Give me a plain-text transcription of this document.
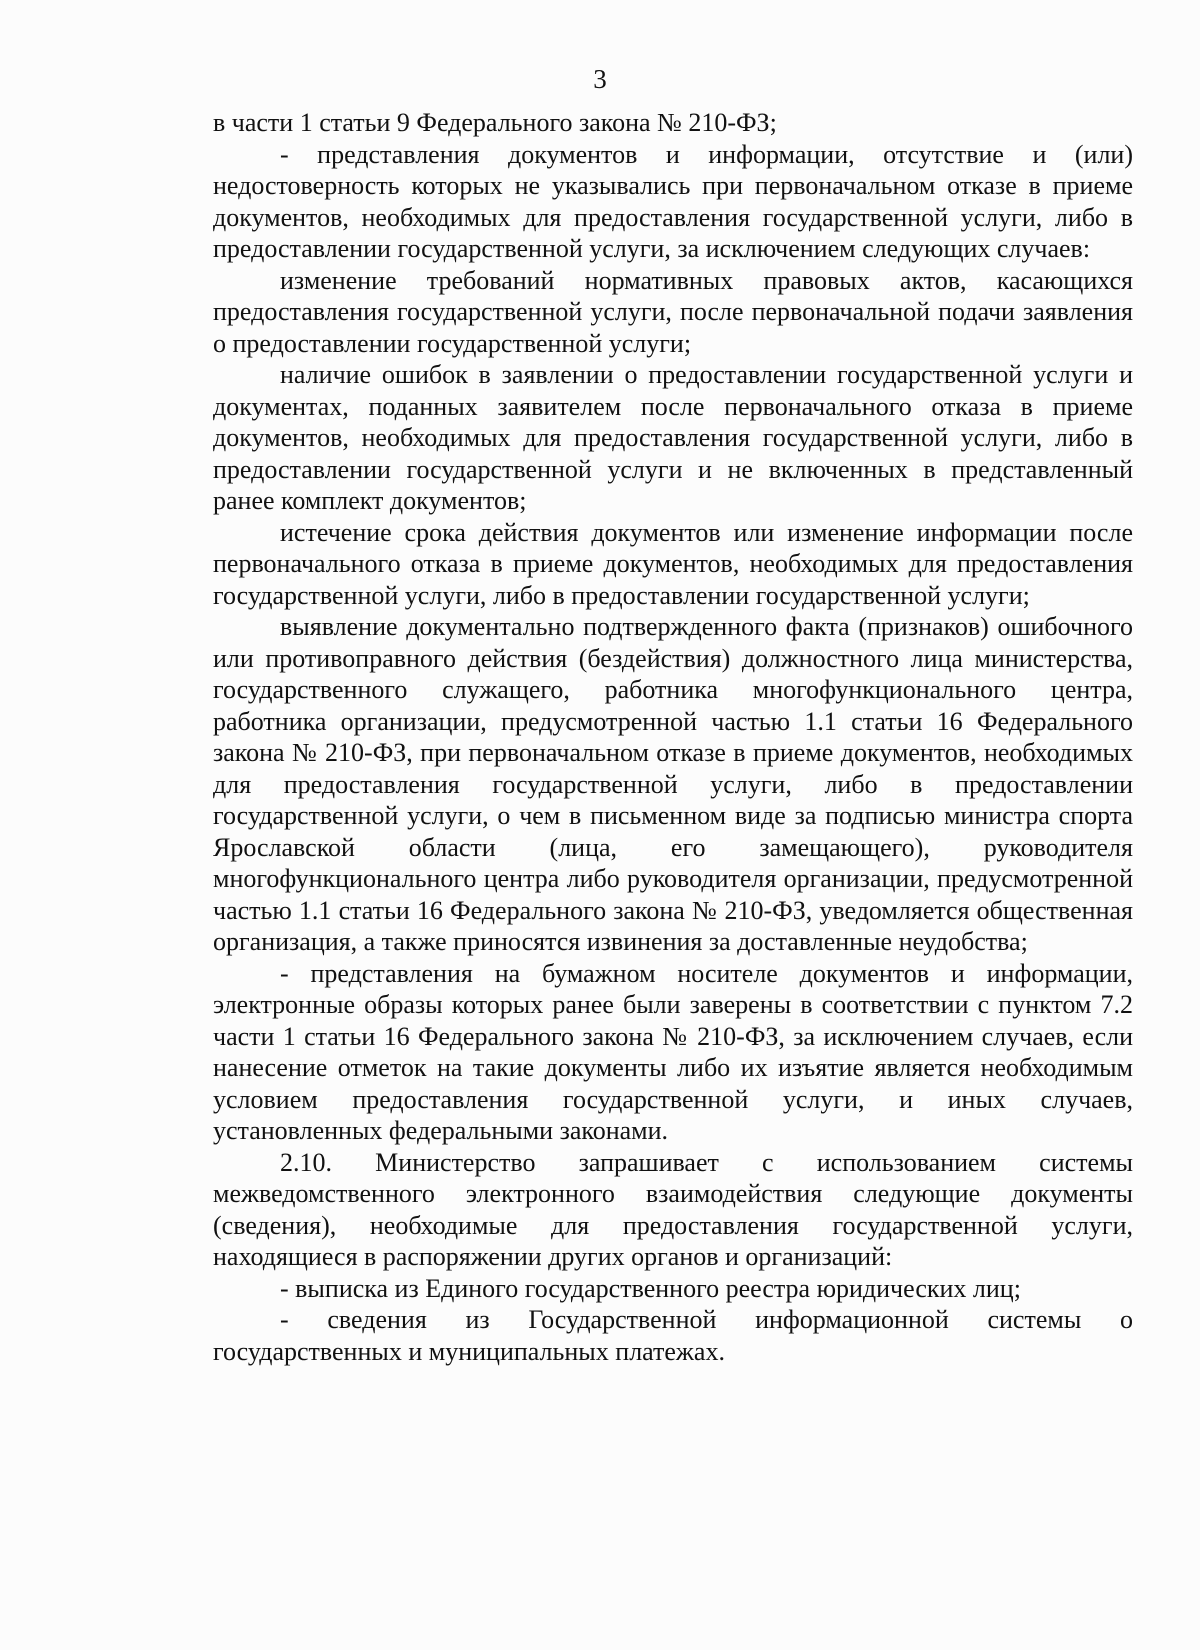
3

в части 1 статьи 9 Федерального закона № 210-ФЗ;

- представления документов и информации, отсутствие и (или) недостоверность которых не указывались при первоначальном отказе в приеме документов, необходимых для предоставления государственной услуги, либо в предоставлении государственной услуги, за исключением следующих случаев:

изменение требований нормативных правовых актов, касающихся предоставления государственной услуги, после первоначальной подачи заявления о предоставлении государственной услуги;

наличие ошибок в заявлении о предоставлении государственной услуги и документах, поданных заявителем после первоначального отказа в приеме документов, необходимых для предоставления государственной услуги, либо в предоставлении государственной услуги и не включенных в представленный ранее комплект документов;

истечение срока действия документов или изменение информации после первоначального отказа в приеме документов, необходимых для предоставления государственной услуги, либо в предоставлении государственной услуги;

выявление документально подтвержденного факта (признаков) ошибочного или противоправного действия (бездействия) должностного лица министерства, государственного служащего, работника многофункционального центра, работника организации, предусмотренной частью 1.1 статьи 16 Федерального закона № 210-ФЗ, при первоначальном отказе в приеме документов, необходимых для предоставления государственной услуги, либо в предоставлении государственной услуги, о чем в письменном виде за подписью министра спорта Ярославской области (лица, его замещающего), руководителя многофункционального центра либо руководителя организации, предусмотренной частью 1.1 статьи 16 Федерального закона № 210-ФЗ, уведомляется общественная организация, а также приносятся извинения за доставленные неудобства;

- представления на бумажном носителе документов и информации, электронные образы которых ранее были заверены в соответствии с пунктом 7.2 части 1 статьи 16 Федерального закона № 210-ФЗ, за исключением случаев, если нанесение отметок на такие документы либо их изъятие является необходимым условием предоставления государственной услуги, и иных случаев, установленных федеральными законами.

2.10. Министерство запрашивает с использованием системы межведомственного электронного взаимодействия следующие документы (сведения), необходимые для предоставления государственной услуги, находящиеся в распоряжении других органов и организаций:

- выписка из Единого государственного реестра юридических лиц;

- сведения из Государственной информационной системы о государственных и муниципальных платежах.
